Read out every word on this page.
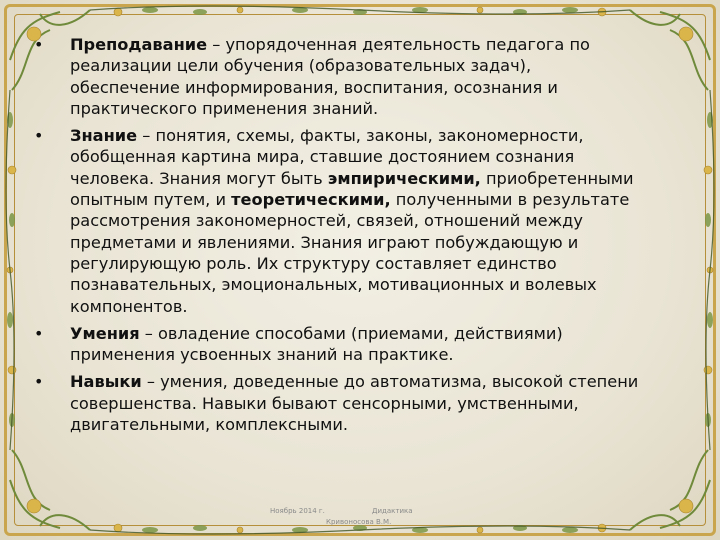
• Преподавание – упорядоченная деятельность педагога по реализации цели обучения (образовательных задач), обеспечение информирования, воспитания, осознания и практического применения знаний.
• Знание – понятия, схемы, факты, законы, закономерности, обобщенная картина мира, ставшие достоянием сознания человека. Знания могут быть эмпирическими, приобретенными опытным путем, и теоретическими, полученными в результате рассмотрения закономерностей, связей, отношений между предметами и явлениями. Знания играют побуждающую и регулирующую роль. Их структуру составляет единство познавательных, эмоциональных, мотивационных и волевых компонентов.
• Умения – овладение способами (приемами, действиями) применения усвоенных знаний на практике.
• Навыки – умения, доведенные до автоматизма, высокой степени совершенства. Навыки бывают сенсорными, умственными, двигательными, комплексными.
Ноябрь 2014 г.	Дидактика
Кривоносова В.М.
